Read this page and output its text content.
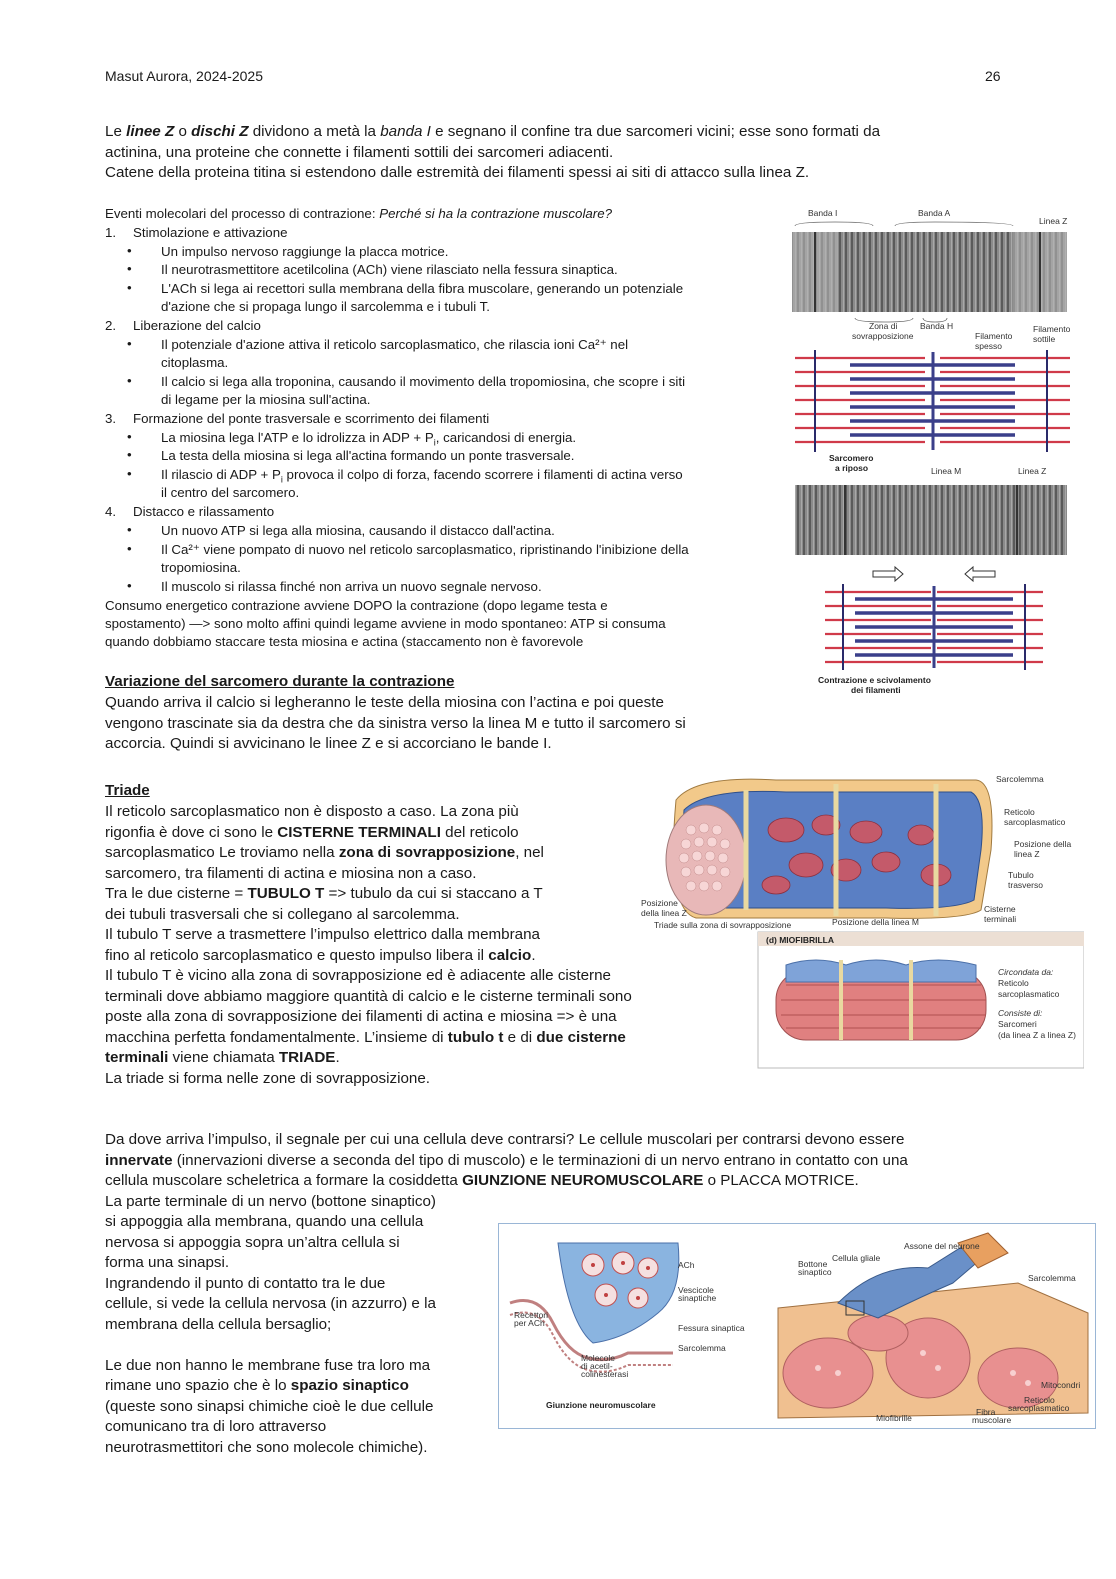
Masut Aurora, 2024-2025	26
Le linee Z o dischi Z dividono a metà la banda I e segnano il confine tra due sarcomeri vicini; esse sono formati da
actinina, una proteine che connette i filamenti sottili dei sarcomeri adiacenti.
Catene della proteina titina si estendono dalle estremità dei filamenti spessi ai siti di attacco sulla linea Z.
Eventi molecolari del processo di contrazione: Perché si ha la contrazione muscolare?
1. Stimolazione e attivazione
• Un impulso nervoso raggiunge la placca motrice.
• Il neurotrasmettitore acetilcolina (ACh) viene rilasciato nella fessura sinaptica.
• L'ACh si lega ai recettori sulla membrana della fibra muscolare, generando un potenziale
d'azione che si propaga lungo il sarcolemma e i tubuli T.
2. Liberazione del calcio
• Il potenziale d'azione attiva il reticolo sarcoplasmatico, che rilascia ioni Ca²⁺ nel
citoplasma.
• Il calcio si lega alla troponina, causando il movimento della tropomiosina, che scopre i siti
di legame per la miosina sull'actina.
3. Formazione del ponte trasversale e scorrimento dei filamenti
• La miosina lega l'ATP e lo idrolizza in ADP + $P_i$, caricandosi di energia.
• La testa della miosina si lega all'actina formando un ponte trasversale.
• Il rilascio di ADP + $P_i$ provoca il colpo di forza, facendo scorrere i filamenti di actina verso
il centro del sarcomero.
4. Distacco e rilassamento
• Un nuovo ATP si lega alla miosina, causando il distacco dall'actina.
• Il Ca²⁺ viene pompato di nuovo nel reticolo sarcoplasmatico, ripristinando l'inibizione della
tropomiosina.
• Il muscolo si rilassa finché non arriva un nuovo segnale nervoso.
Consumo energetico contrazione avviene DOPO la contrazione (dopo legame testa e
spostamento) —> sono molto affini quindi legame avviene in modo spontaneo: ATP si consuma
quando dobbiamo staccare testa miosina e actina (staccamento non è favorevole
Variazione del sarcomero durante la contrazione
Quando arriva il calcio si legheranno le teste della miosina con l’actina e poi queste
vengono trascinate sia da destra che da sinistra verso la linea M e tutto il sarcomero si
accorcia. Quindi si avvicinano le linee Z e si accorciano le bande I.
Triade
Il reticolo sarcoplasmatico non è disposto a caso. La zona più
rigonfia è dove ci sono le CISTERNE TERMINALI del reticolo
sarcoplasmatico Le troviamo nella zona di sovrapposizione, nel
sarcomero, tra filamenti di actina e miosina non a caso.
Tra le due cisterne = TUBULO T => tubulo da cui si staccano a T
dei tubuli trasversali che si collegano al sarcolemma.
Il tubulo T serve a trasmettere l’impulso elettrico dalla membrana
fino al reticolo sarcoplasmatico e questo impulso libera il calcio.
Il tubulo T è vicino alla zona di sovrapposizione ed è adiacente alle cisterne
terminali dove abbiamo maggiore quantità di calcio e le cisterne terminali sono
poste alla zona di sovrapposizione dei filamenti di actina e miosina => è una
macchina perfetta fondamentalmente. L’insieme di tubulo t e di due cisterne
terminali viene chiamata TRIADE.
La triade si forma nelle zone di sovrapposizione.
Da dove arriva l’impulso, il segnale per cui una cellula deve contrarsi? Le cellule muscolari per contrarsi devono essere
innervate (innervazioni diverse a seconda del tipo di muscolo) e le terminazioni di un nervo entrano in contatto con una
cellula muscolare scheletrica a formare la cosiddetta GIUNZIONE NEUROMUSCOLARE o PLACCA MOTRICE.
La parte terminale di un nervo (bottone sinaptico)
si appoggia alla membrana, quando una cellula
nervosa si appoggia sopra un’altra cellula si
forma una sinapsi.
Ingrandendo il punto di contatto tra le due
cellule, si vede la cellula nervosa (in azzurro) e la
membrana della cellula bersaglio;
Le due non hanno le membrane fuse tra loro ma
rimane uno spazio che è lo spazio sinaptico
(queste sono sinapsi chimiche cioè le due cellule
comunicano tra di loro attraverso
neurotrasmettitori che sono molecole chimiche).
Banda I	Banda A
Linea Z
Zona di
sovrapposizione
Banda H
Filamento
spesso
Filamento
sottile
Sarcomero
a riposo	Linea M	Linea Z
Contrazione e scivolamento
dei filamenti
Sarcolemma
Reticolo
sarcoplasmatico
Posizione della
linea Z
Tubulo
trasverso
Cisterne
terminali
Posizione
della linea Z
Triade sulla zona di sovrapposizione	Posizione della linea M
(d) MIOFIBRILLA
Circondata da:
Reticolo
sarcoplasmatico
Consiste di:
Sarcomeri
(da linea Z a linea Z)
ACh
Vescicole
sinaptiche
Fessura sinaptica
Sarcolemma
Recettori
per ACh
Molecole
di acetil-
colinesterasi
Giunzione neuromuscolare
Assone del neurone
Cellula gliale
Bottone
sinaptico
Sarcolemma
Mitocondri
Miofibrille
Fibra
muscolare
Reticolo
sarcoplasmatico
